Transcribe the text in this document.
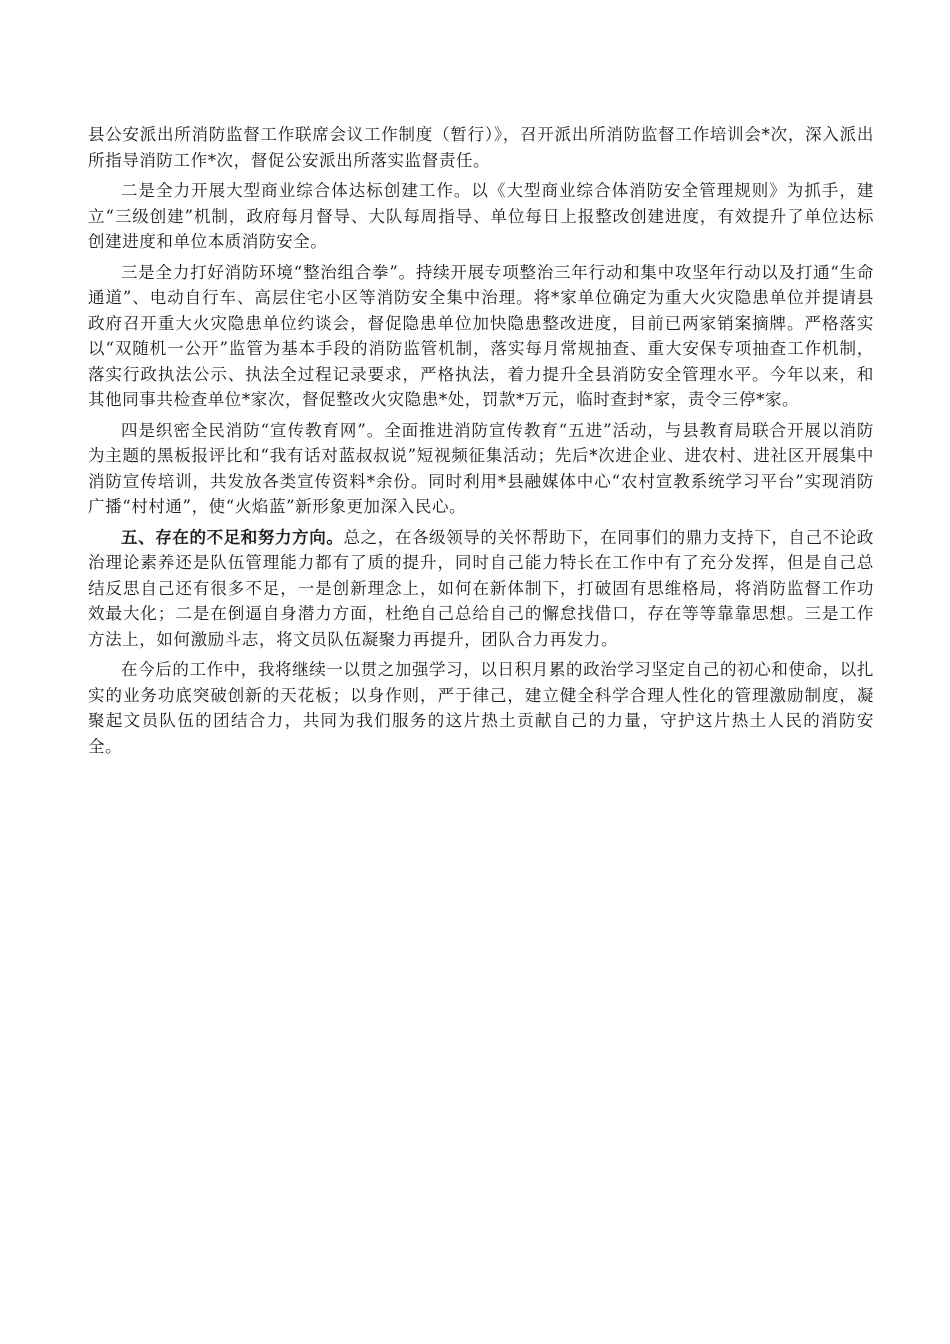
县公安派出所消防监督工作联席会议工作制度（暂行）》，召开派出所消防监督工作培训会*次，深入派出所指导消防工作*次，督促公安派出所落实监督责任。

二是全力开展大型商业综合体达标创建工作。以《大型商业综合体消防安全管理规则》为抓手，建立“三级创建”机制，政府每月督导、大队每周指导、单位每日上报整改创建进度，有效提升了单位达标创建进度和单位本质消防安全。

三是全力打好消防环境“整治组合拳”。持续开展专项整治三年行动和集中攻坚年行动以及打通“生命通道”、电动自行车、高层住宅小区等消防安全集中治理。将*家单位确定为重大火灾隐患单位并提请县政府召开重大火灾隐患单位约谈会，督促隐患单位加快隐患整改进度，目前已两家销案摘牌。严格落实以“双随机一公开”监管为基本手段的消防监管机制，落实每月常规抽查、重大安保专项抽查工作机制，落实行政执法公示、执法全过程记录要求，严格执法，着力提升全县消防安全管理水平。今年以来，和其他同事共检查单位*家次，督促整改火灾隐患*处，罚款*万元，临时查封*家，责令三停*家。

四是织密全民消防“宣传教育网”。全面推进消防宣传教育“五进”活动，与县教育局联合开展以消防为主题的黑板报评比和“我有话对蓝叔叔说”短视频征集活动；先后*次进企业、进农村、进社区开展集中消防宣传培训，共发放各类宣传资料*余份。同时利用*县融媒体中心“农村宣教系统学习平台”实现消防广播“村村通”，使“火焰蓝”新形象更加深入民心。

五、存在的不足和努力方向。总之，在各级领导的关怀帮助下，在同事们的鼎力支持下，自己不论政治理论素养还是队伍管理能力都有了质的提升，同时自己能力特长在工作中有了充分发挥，但是自己总结反思自己还有很多不足，一是创新理念上，如何在新体制下，打破固有思维格局，将消防监督工作功效最大化；二是在倒逼自身潜力方面，杜绝自己总给自己的懈怠找借口，存在等等靠靠思想。三是工作方法上，如何激励斗志，将文员队伍凝聚力再提升，团队合力再发力。

在今后的工作中，我将继续一以贯之加强学习，以日积月累的政治学习坚定自己的初心和使命，以扎实的业务功底突破创新的天花板；以身作则，严于律己，建立健全科学合理人性化的管理激励制度，凝聚起文员队伍的团结合力，共同为我们服务的这片热土贡献自己的力量，守护这片热土人民的消防安全。
